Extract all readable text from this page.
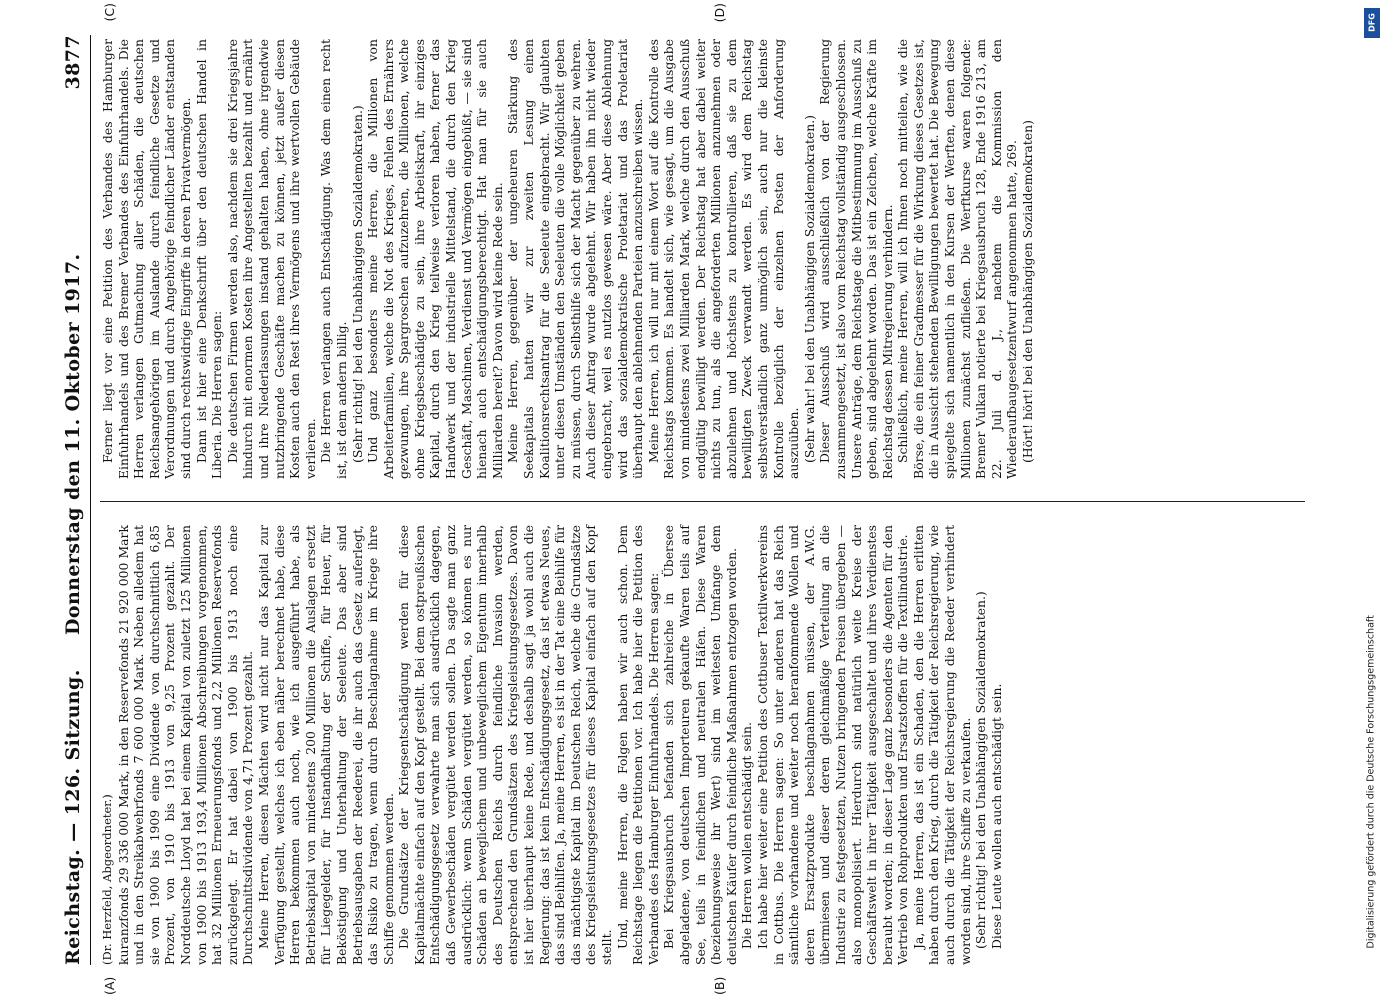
Reichstag. — 126. Sitzung.
Donnerstag den 11. Oktober 1917.
3877

(Dr. Herzfeld, Abgeordneter.) kuranzfonds 29 336 000 Mark, in den Reservefonds 21 920 000 Mark und in den Streikabwehrfonds 7 600 000 Mark. Neben alledem hat sie von 1900 bis 1909 eine Dividende von durchschnittlich 6,85 Prozent, von 1910 bis 1913 von 9,25 Prozent gezahlt. Der Norddeutsche Lloyd hat bei einem Kapital von zuletzt 125 Millionen von 1900 bis 1913 193,4 Millionen Abschreibungen vorgenommen, hat 32 Millionen Erneuerungsfonds und 2,2 Millionen Reservefonds zurückgelegt. Er hat dabei von 1900 bis 1913 noch eine Durchschnittsdividende von 4,71 Prozent gezahlt. Meine Herren, diesen Mächten wird nicht nur das Kapital zur Verfügung gestellt, welches ich eben näher berechnet habe, diese Herren bekommen auch noch, wie ich ausgeführt habe, als Betriebskapital von mindestens 200 Millionen die Auslagen ersetzt für Liegegelder, für Instandhaltung der Schiffe, für Heuer, für Beköstigung und Unterhaltung der Seeleute. Das aber sind Betriebsausgaben der Reederei, die ihr auch das Gesetz auferlegt, das Risiko zu tragen, wenn durch Beschlagnahme im Kriege ihre Schiffe genommen werden. Die Grundsätze der Kriegsentschädigung werden für diese Kapitalmächte einfach auf den Kopf gestellt. Bei dem ostpreußischen Entschädigungsgesetz verwahrte man sich ausdrücklich dagegen, daß Gewerbeschäden vergütet werden sollen. Da sagte man ganz ausdrücklich: wenn Schäden vergütet werden, so können es nur Schäden an beweglichem und unbeweglichem Eigentum innerhalb des Deutschen Reichs durch feindliche Invasion werden, entsprechend den Grundsätzen des Kriegsleistungsgesetzes. Davon ist hier überhaupt keine Rede, und deshalb sagt ja wohl auch die Regierung: das ist kein Entschädigungsgesetz, das ist etwas Neues, das sind Beihilfen. Ja, meine Herren, es ist in der Tat eine Beihilfe für das mächtigste Kapital im Deutschen Reich, welche die Grundsätze des Kriegsleistungsgesetzes für dieses Kapital einfach auf den Kopf stellt. Und, meine Herren, die Folgen haben wir auch schon. Dem Reichstage liegen die Petitionen vor. Ich habe hier die Petition des Verbandes des Hamburger Einfuhrhandels. Die Herren sagen: Bei Kriegsausbruch befanden sich zahlreiche in Übersee abgeladene, von deutschen Importeuren gekaufte Waren teils auf See, teils in feindlichen und neutralen Häfen. Diese Waren (beziehungsweise ihr Wert) sind im weitesten Umfange dem deutschen Käufer durch feindliche Maßnahmen entzogen worden. Die Herren wollen entschädigt sein. Ich habe hier weiter eine Petition des Cottbuser Textilwerkvereins in Cottbus. Die Herren sagen: So unter anderen hat das Reich sämtliche vorhandene und weiter noch heranfommende Wollen und deren Ersatzprodukte beschlagnahmen müssen, der A.W.G. übermiesen und dieser deren gleichmäßige Verteilung an die Industrie zu festgesetzten, Nutzen bringenden Preisen übergeben — also monopolisiert. Hierdurch sind natürlich weite Kreise der Geschäftswelt in ihrer Tätigkeit ausgeschaltet und ihres Verdienstes beraubt worden; in dieser Lage ganz besonders die Agenten für den Vertrieb von Rohprodukten und Ersatzstoffen für die Textilindustrie. Ja, meine Herren, das ist ein Schaden, den die Herren erlitten haben durch den Krieg, durch die Tätigkeit der Reichsregierung, wie auch durch die Tätigkeit der Reichsregierung die Reeder verhindert worden sind, ihre Schiffe zu verkaufen. (Sehr richtig! bei den Unabhängigen Sozialdemokraten.) Diese Leute wollen auch entschädigt sein.

Ferner liegt vor eine Petition des Verbandes des Hamburger Einfuhrhandels und des Bremer Verbandes des Einfuhrhandels. Die Herren verlangen Gutmachung aller Schäden, die deutschen Reichsangehörigen im Auslande durch feindliche Gesetze und Verordnungen und durch Angehörige feindlicher Länder entstanden sind durch rechtswidrige Eingriffe in deren Privatvermögen. Dann ist hier eine Denkschrift über den deutschen Handel in Liberia. Die Herren sagen: Die deutschen Firmen werden also, nachdem sie drei Kriegsjahre hindurch mit enormen Kosten ihre Angestellten bezahlt und ernährt und ihre Niederlassungen instand gehalten haben, ohne irgendwie nutzbringende Geschäfte machen zu können, jetzt außer diesen Kosten auch den Rest ihres Vermögens und ihre wertvollen Gebäude verlieren. Die Herren verlangen auch Entschädigung. Was dem einen recht ist, ist dem andern billig. (Sehr richtig! bei den Unabhängigen Sozialdemokraten.) Und ganz besonders meine Herren, die Millionen von Arbeiterfamilien, welche die Not des Krieges, Fehlen des Ernährers gezwungen, ihre Spargroschen aufzuzehren, die Millionen, welche ohne Kriegsbeschädigte zu sein, ihre Arbeitskraft, ihr einziges Kapital, durch den Krieg teilweise verloren haben, ferner das Handwerk und der industrielle Mittelstand, die durch den Krieg Geschäft, Maschinen, Verdienst und Vermögen eingebüßt, — sie sind hienach auch entschädigungsberechtigt. Hat man für sie auch Milliarden bereit? Davon wird keine Rede sein. Meine Herren, gegenüber der ungeheuren Stärkung des Seekapitals hatten wir zur zweiten Lesung einen Koalitionsrechtsantrag für die Seeleute eingebracht. Wir glaubten unter diesen Umständen den Seeleuten die volle Möglichkeit geben zu müssen, durch Selbsthilfe sich der Macht gegenüber zu wehren. Auch dieser Antrag wurde abgelehnt. Wir haben ihn nicht wieder eingebracht, weil es nutzlos gewesen wäre. Aber diese Ablehnung wird das sozialdemokratische Proletariat und das Proletariat überhaupt den ablehnenden Parteien anzuschreiben wissen. Meine Herren, ich will nur mit einem Wort auf die Kontrolle des Reichstags kommen. Es handelt sich, wie gesagt, um die Ausgabe von mindestens zwei Milliarden Mark, welche durch den Ausschuß endgültig bewilligt werden. Der Reichstag hat aber dabei weiter nichts zu tun, als die angeforderten Millionen anzunehmen oder abzulehnen und höchstens zu kontrollieren, daß sie zu dem bewilligten Zweck verwandt werden. Es wird dem Reichstag selbstverständlich ganz unmöglich sein, auch nur die kleinste Kontrolle bezüglich der einzelnen Posten der Anforderung auszuüben. (Sehr wahr! bei den Unabhängigen Sozialdemokraten.) Dieser Ausschuß wird ausschließlich von der Regierung zusammengesetzt, ist also vom Reichstag vollständig ausgeschlossen. Unsere Anträge, dem Reichstage die Mitbestimmung im Ausschuß zu geben, sind abgelehnt worden. Das ist ein Zeichen, welche Kräfte im Reichstag dessen Mitregierung verhindern. Schließlich, meine Herren, will ich Ihnen noch mitteilen, wie die Börse, die ein feiner Gradmesser für die Wirkung dieses Gesetzes ist, die in Aussicht stehenden Bewilligungen bewertet hat. Die Bewegung spiegelte sich namentlich in den Kursen der Werften, denen diese Millionen zunächst zufließen. Die Werftkurse waren folgende: Bremer Vulkan notierte bei Kriegsausbruch 128, Ende 1916 213, am 22. Juli d. J., nachdem die Kommission den Wiederaufbaugesetzentwurf angenommen hatte, 269. (Hört! hört! bei den Unabhängigen Sozialdemokraten)

(A)	(B)
(C)	(D)
Digitalisierung gefördert durch die Deutsche Forschungsgemeinschaft
DFG
